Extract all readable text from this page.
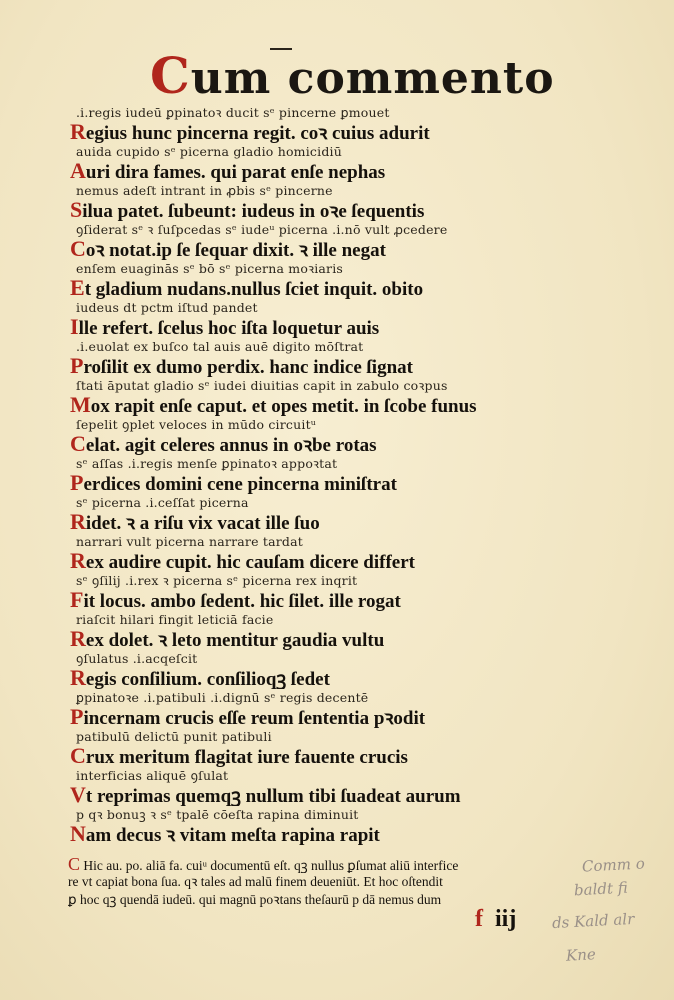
Cum commento
.i.regis iudeū ꝑpinatoꝛ ducit sᵉ pincerne ꝑmouet
Regius hunc pincerna regit. coꝛ cuius adurit
auida cupido sᵉ picerna gladio homicidiū
Auri dira fames. qui parat enſe nephas
nemus adeſt intrant in ꝓbis sᵉ pincerne
Silua patet. ſubeunt: iudeus in oꝛe ſequentis
ꝯſiderat sᵉ ꝛ ſuſpcedas sᵉ iudeᵘ picerna .i.nō vult ꝓcedere
Coꝛ notat.ip ſe ſequar dixit. ꝛ ille negat
enſem euaginās sᵉ bō sᵉ picerna moꝛiaris
Et gladium nudans.nullus ſciet inquit. obito
iudeus dt pctm iſtud pandet
Ille refert. ſcelus hoc iſta loquetur auis
.i.euolat ex buſco tal auis auē digito mōſtrat
Proſilit ex dumo perdix. hanc indice ſignat
ſtati āputat gladio sᵉ iudei diuitias capit in zabulo coꝛpus
Mox rapit enſe caput. et opes metit. in ſcobe funus
ſepelit ꝯplet veloces in mūdo circuitᵘ
Celat. agit celeres annus in oꝛbe rotas
sᵉ aſſas .i.regis menſe ꝑpinatoꝛ appoꝛtat
Perdices domini cene pincerna miniſtrat
sᵉ picerna .i.ceſſat picerna
Ridet. ꝛ a riſu vix vacat ille ſuo
narrari vult picerna narrare tardat
Rex audire cupit. hic cauſam dicere differt
sᵉ ꝯſilij .i.rex ꝛ picerna sᵉ picerna rex inqrit
Fit locus. ambo ſedent. hic ſilet. ille rogat
riaſcit hilari fingit leticiā facie
Rex dolet. ꝛ leto mentitur gaudia vultu
ꝯſulatus .i.acqeſcit
Regis conſilium. conſilioqꝫ ſedet
ꝑpinatoꝛe .i.patibuli .i.dignū sᵉ regis decentē
Pincernam crucis eſſe reum ſententia pꝛodit
patibulū delictū punit patibuli
Crux meritum flagitat iure fauente crucis
interficias aliquē ꝯſulat
Vt reprimas quemqꝫ nullum tibi ſuadeat aurum
p qꝛ bonuꝫ ꝛ sᵉ tpalē cōeſta rapina diminuit
Nam decus ꝛ vitam meſta rapina rapit
C Hic au. po. aliā fa. cuiᵘ documentū eſt. qꝫ nullus ꝑſumat aliū interfice
re vt capiat bona ſua. qꝛ tales ad malū finem deueniūt. Et hoc oſtendit
ꝑ hoc qꝫ quendā iudeū. qui magnū poꝛtans theſaurū p dā nemus dum
f iij
Comm o
baldt fi
ds Kald alr
Kne
